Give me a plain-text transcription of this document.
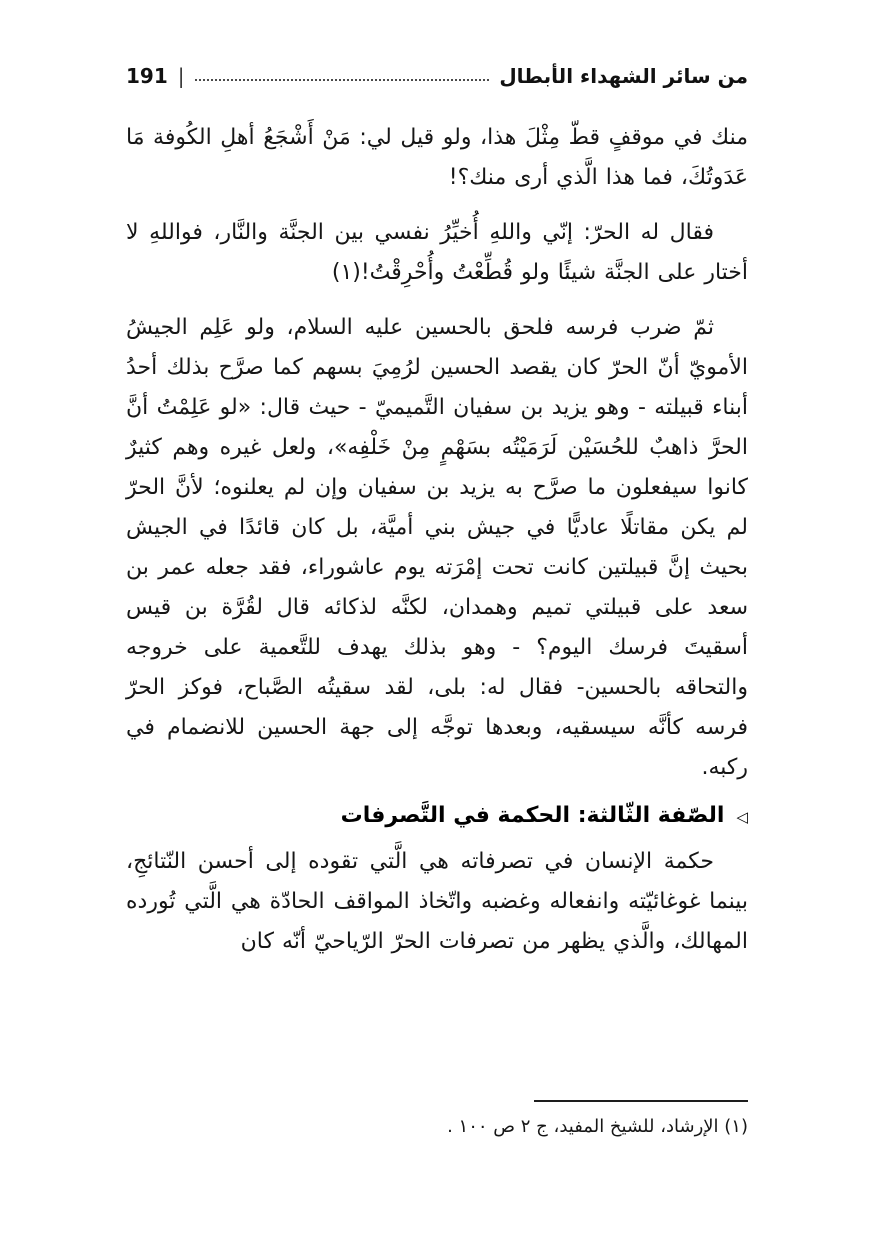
من سائر الشهداء الأبطال
|
191

منك في موقفٍ قطّ مِثْلَ هذا، ولو قيل لي: مَنْ أَشْجَعُ أهلِ الكُوفة مَا عَدَوتُكَ، فما هذا الَّذي أرى منك؟!

فقال له الحرّ: إنّي واللهِ أُخيِّرُ نفسي بين الجنَّة والنَّار، فواللهِ لا أختار على الجنَّة شيئًا ولو قُطِّعْتُ وأُحْرِقْتُ!(١)

ثمّ ضرب فرسه فلحق بالحسين عليه السلام، ولو عَلِم الجيشُ الأمويّ أنّ الحرّ كان يقصد الحسين لرُمِيَ بسهم كما صرَّح بذلك أحدُ أبناء قبيلته - وهو يزيد بن سفيان التَّميميّ - حيث قال: «لو عَلِمْتُ أنَّ الحرَّ ذاهبٌ للحُسَيْن لَرَمَيْتُه بسَهْمٍ مِنْ خَلْفِه»، ولعل غيره وهم كثيرٌ كانوا سيفعلون ما صرَّح به يزيد بن سفيان وإن لم يعلنوه؛ لأنَّ الحرّ لم يكن مقاتلًا عاديًّا في جيش بني أميَّة، بل كان قائدًا في الجيش بحيث إنَّ قبيلتين كانت تحت إمْرَته يوم عاشوراء، فقد جعله عمر بن سعد على قبيلتي تميم وهمدان، لكنَّه لذكائه قال لقُرَّة بن قيس أسقيتَ فرسك اليوم؟ - وهو بذلك يهدف للتَّعمية على خروجه والتحاقه بالحسين- فقال له: بلى، لقد سقيتُه الصَّباح، فوكز الحرّ فرسه كأنَّه سيسقيه، وبعدها توجَّه إلى جهة الحسين للانضمام في ركبه.

◁
الصّفة الثّالثة: الحكمة في التَّصرفات

حكمة الإنسان في تصرفاته هي الَّتي تقوده إلى أحسن النّتائجِ، بينما غوغائيّته وانفعاله وغضبه واتّخاذ المواقف الحادّة هي الَّتي تُورده المهالك، والَّذي يظهر من تصرفات الحرّ الرّياحيّ أنّه كان

(١) الإرشاد، للشيخ المفيد، ج ٢ ص ١٠٠ .
